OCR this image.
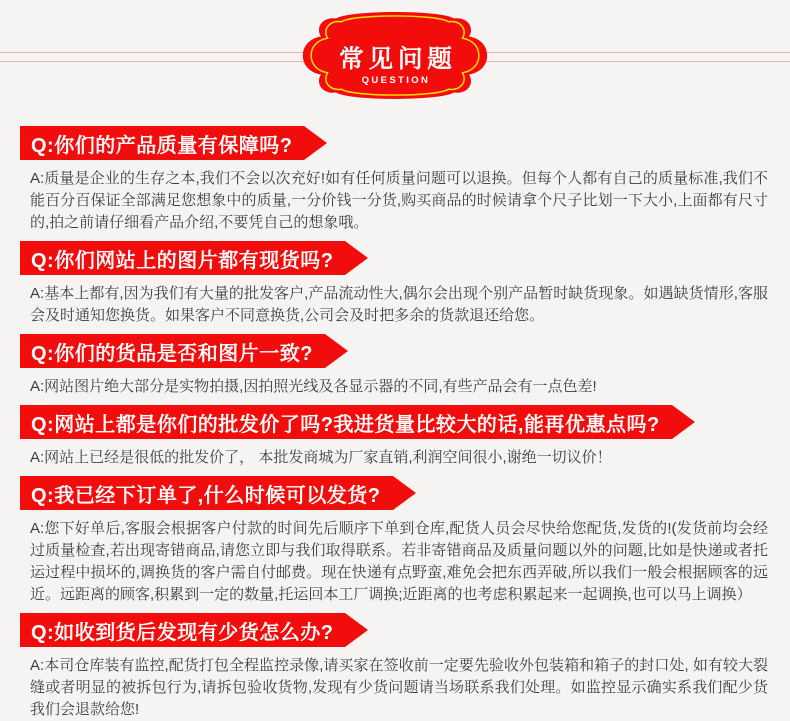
常见问题
QUESTION
Q:你们的产品质量有保障吗?

A:质量是企业的生存之本,我们不会以次充好!如有任何质量问题可以退换。但每个人都有自己的质量标准,我们不能百分百保证全部满足您想象中的质量,一分价钱一分货,购买商品的时候请拿个尺子比划一下大小,上面都有尺寸的,拍之前请仔细看产品介绍,不要凭自己的想象哦。

Q:你们网站上的图片都有现货吗?

A:基本上都有,因为我们有大量的批发客户,产品流动性大,偶尔会出现个别产品暂时缺货现象。如遇缺货情形,客服会及时通知您换货。如果客户不同意换货,公司会及时把多余的货款退还给您。

Q:你们的货品是否和图片一致?

A:网站图片绝大部分是实物拍摄,因拍照光线及各显示器的不同,有些产品会有一点色差!

Q:网站上都是你们的批发价了吗?我进货量比较大的话,能再优惠点吗?

A:网站上已经是很低的批发价了， 本批发商城为厂家直销,利润空间很小,谢绝一切议价！

Q:我已经下订单了,什么时候可以发货?

A:您下好单后,客服会根据客户付款的时间先后顺序下单到仓库,配货人员会尽快给您配货,发货的!(发货前均会经过质量检查,若出现寄错商品,请您立即与我们取得联系。若非寄错商品及质量问题以外的问题,比如是快递或者托运过程中损坏的,调换货的客户需自付邮费。现在快递有点野蛮,难免会把东西弄破,所以我们一般会根据顾客的远近。远距离的顾客,积累到一定的数量,托运回本工厂调换;近距离的也考虑积累起来一起调换,也可以马上调换）

Q:如收到货后发现有少货怎么办?

A:本司仓库装有监控,配货打包全程监控录像,请买家在签收前一定要先验收外包装箱和箱子的封口处, 如有较大裂缝或者明显的被拆包行为,请拆包验收货物,发现有少货问题请当场联系我们处理。如监控显示确实系我们配少货我们会退款给您!
